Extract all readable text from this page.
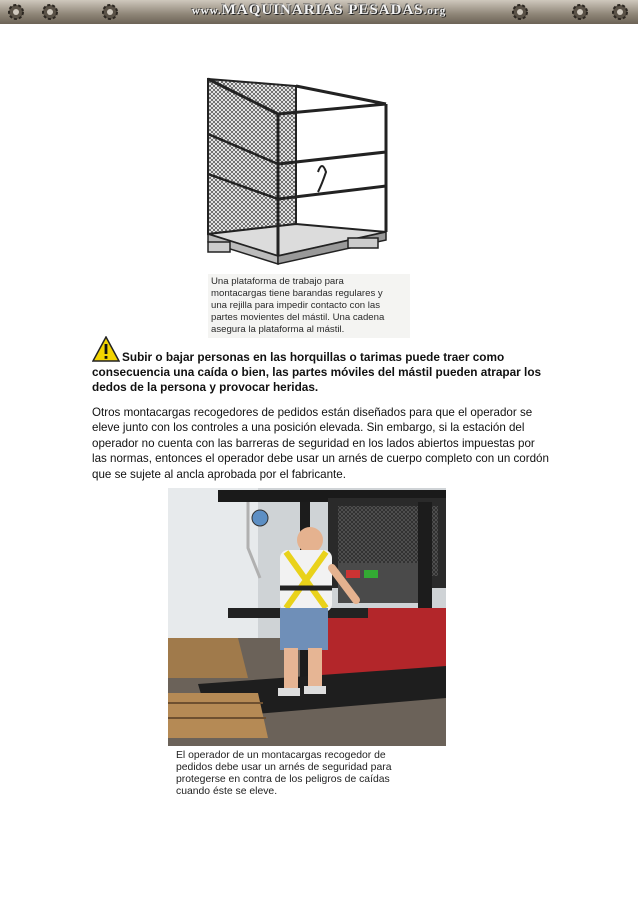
www.MAQUINARIAS PESADAS.org
Una plataforma de trabajo para
montacargas tiene barandas regulares y
una rejilla para impedir contacto con las
partes movientes del mástil. Una cadena
asegura la plataforma al mástil.
Subir o bajar personas en las horquillas o tarimas puede traer como consecuencia una caída o bien, las partes móviles del mástil pueden atrapar los dedos de la persona y provocar heridas.
Otros montacargas recogedores de pedidos están diseñados para que el operador se eleve junto con los controles a una posición elevada. Sin embargo, si la estación del operador no cuenta con las barreras de seguridad en los lados abiertos impuestas por las normas, entonces el operador debe usar un arnés de cuerpo completo con un cordón que se sujete al ancla aprobada por el fabricante.
El operador de un montacargas recogedor de
pedidos debe usar un arnés de seguridad para
protegerse en contra de los peligros de caídas
cuando éste se eleve.
